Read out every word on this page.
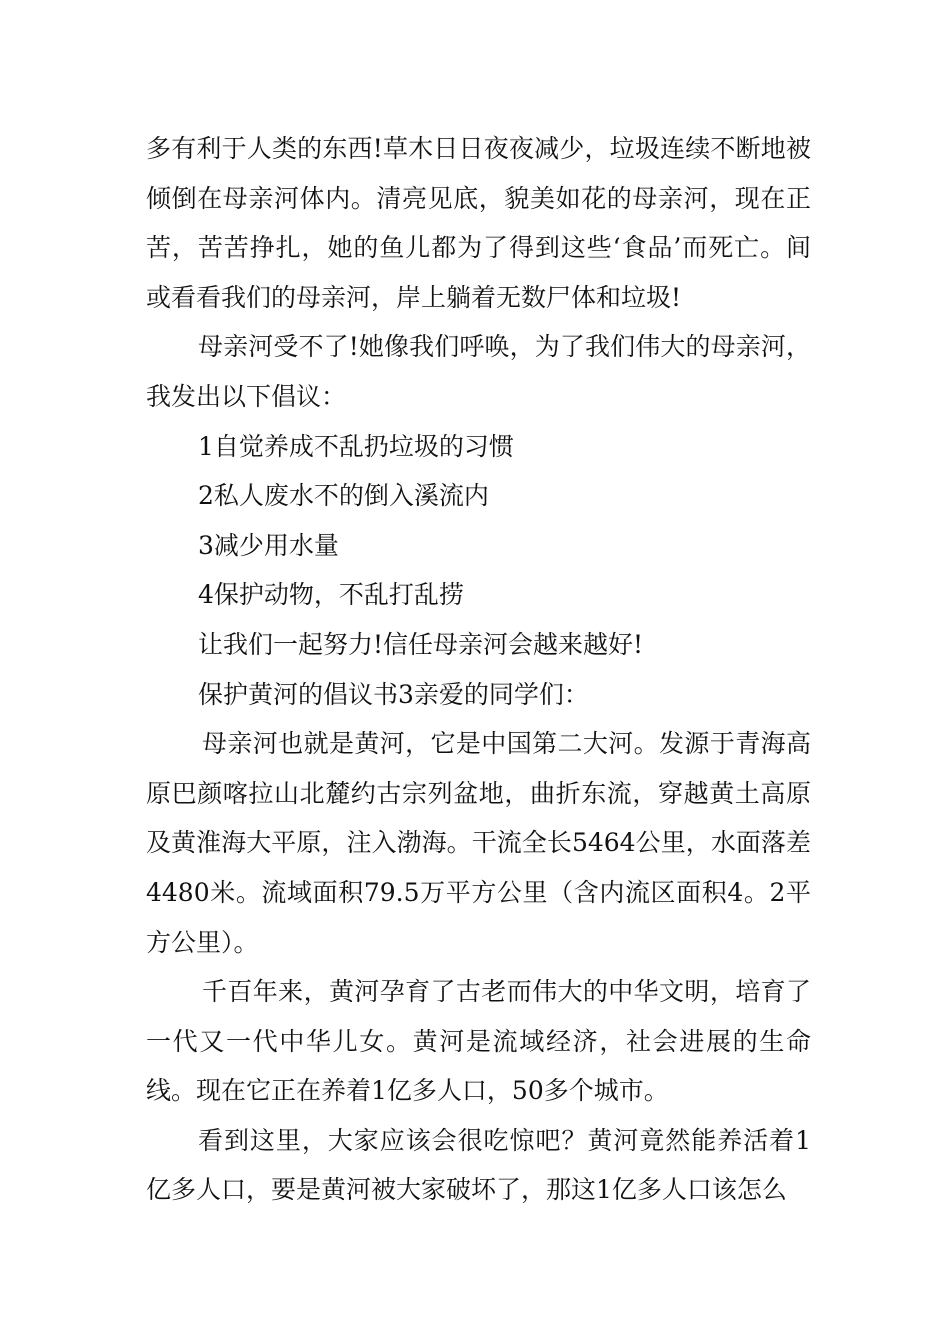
多有利于人类的东西!草木日日夜夜减少，垃圾连续不断地被倾倒在母亲河体内。清亮见底，貌美如花的母亲河，现在正苦，苦苦挣扎，她的鱼儿都为了得到这些‘食品’而死亡。间或看看我们的母亲河，岸上躺着无数尸体和垃圾!

母亲河受不了!她像我们呼唤，为了我们伟大的母亲河，我发出以下倡议：

1自觉养成不乱扔垃圾的习惯

2私人废水不的倒入溪流内

3减少用水量

4保护动物，不乱打乱捞

让我们一起努力!信任母亲河会越来越好!

保护黄河的倡议书3亲爱的同学们：

母亲河也就是黄河，它是中国第二大河。发源于青海高原巴颜喀拉山北麓约古宗列盆地，曲折东流，穿越黄土高原及黄淮海大平原，注入渤海。干流全长5464公里，水面落差4480米。流域面积79.5万平方公里（含内流区面积4。2平方公里）。

千百年来，黄河孕育了古老而伟大的中华文明，培育了一代又一代中华儿女。黄河是流域经济，社会进展的生命线。现在它正在养着1亿多人口，50多个城市。

看到这里，大家应该会很吃惊吧？黄河竟然能养活着1亿多人口，要是黄河被大家破坏了，那这1亿多人口该怎么
